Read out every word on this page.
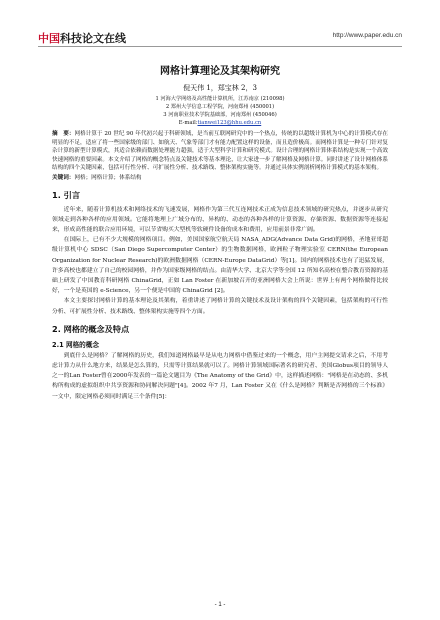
中国科技论文在线	http://www.paper.edu.cn
网格计算理论及其架构研究
倪天伟 1，郑宝林 2，3
1 河海大学网络及高性能计算机所，江苏南京 (210098)
2 郑州大学信息工程学院，河南郑州 (450001)
3 河南职业技术学院基础部，河南郑州 (450046)
E-mail:tianwei123@hhu.edu.cn
摘　要：网格计算于 20 世纪 90 年代初兴起于科研领域，是当前互联网研究中的一个热点，传统的以超级计算机为中心的计算模式存在明显的不足，适应了将一些国家级的部门、如航天、气象等部门才有能力配置这样的设备，而且造价极高。而网格计算是一种专门针对复杂计算的新型计算模式，其适合依赖而数据处理能力超强，适于大型科学计算和研究模式。设计合理的网格计算体系结构是实现一个高效快速网格的重要因素。本文介绍了网格的概念特点及关键技术等基本理论，让大家进一步了解网格及网格计算。同时讲述了设计网格体系结构的四个关键因素，包括可行性分析、可扩展性分析、技术路线、整体架构实施等。并通过具体实例剖析网格计算模式的基本架构。
关键词：网格；网格计算；体系结构
1. 引言

近年来，随着计算机技术和网络技术的飞速发展，网格作为第三代互连网技术正成为信息技术领域的研究热点，并逐步从研究领域走到各种各样的应用领域。它能将地理上广域分布的、异构的、动态的各种各样的计算资源、存储资源、数据资源等连接起来，形成高性能的联合应用环境，可以节省购买大型机等软硬件设备的成本和费用，应用前景非常广阔。

在国际上，已有不少大规模的网格项目。例如，美国国家航空航天局 NASA_ADG(Advance Data Grid)的网格，圣地亚哥超级计算机中心 SDSC（San Diego Supercomputer Center）的生物数据网格，欧洲粒子物理实验室 CERN(the European Organization for Nuclear Research)的欧洲数据网格（CERN-Europe DataGrid）等[1]。国内的网格技术也有了迅猛发展，许多高校也都建立了自己的校园网格，并作为国家级网格的结点。由清华大学、北京大学等全国 12 所知名高校在整合教育资源的基础上研发了中国教育科研网格 ChinaGrid，正如 Lan Foster 在新加坡召开的亚洲网格大会上所说：世界上有两个网格做得比较好，一个是英国的 e-Science，另一个便是中国的 ChinaGrid [2]。

本文主要探讨网格计算的基本理论及其架构，着重讲述了网格计算的关键技术及设计架构的四个关键因素，包括架构的可行性分析、可扩展性分析、技术路线、整体架构实施等四个方面。

2. 网格的概念及特点
2.1 网格的概念

到底什么是网格？了解网格的历史，我们知道网格最早是从电力网格中借鉴过来的一个概念，用户主网提交请求之后，不用考虑计算力从什么地方来，结果是怎么算的，只需等计算结果就可以了。网格计算领域国际著名的研究者、美国Globus项目的领导人之一的Lan Foster曾在2000年发表的一篇论文题目为《The Anatomy of the Grid》中，这样描述网格："网格是在动态的、多机构所构成的虚拟组织中共享资源和协同解决问题"[4]。2002 年7 月，Lan Foster 又在《什么是网格？判断是否网格的三个标准》一文中，限定网格必须同时满足三个条件[5]：

- 1 -
